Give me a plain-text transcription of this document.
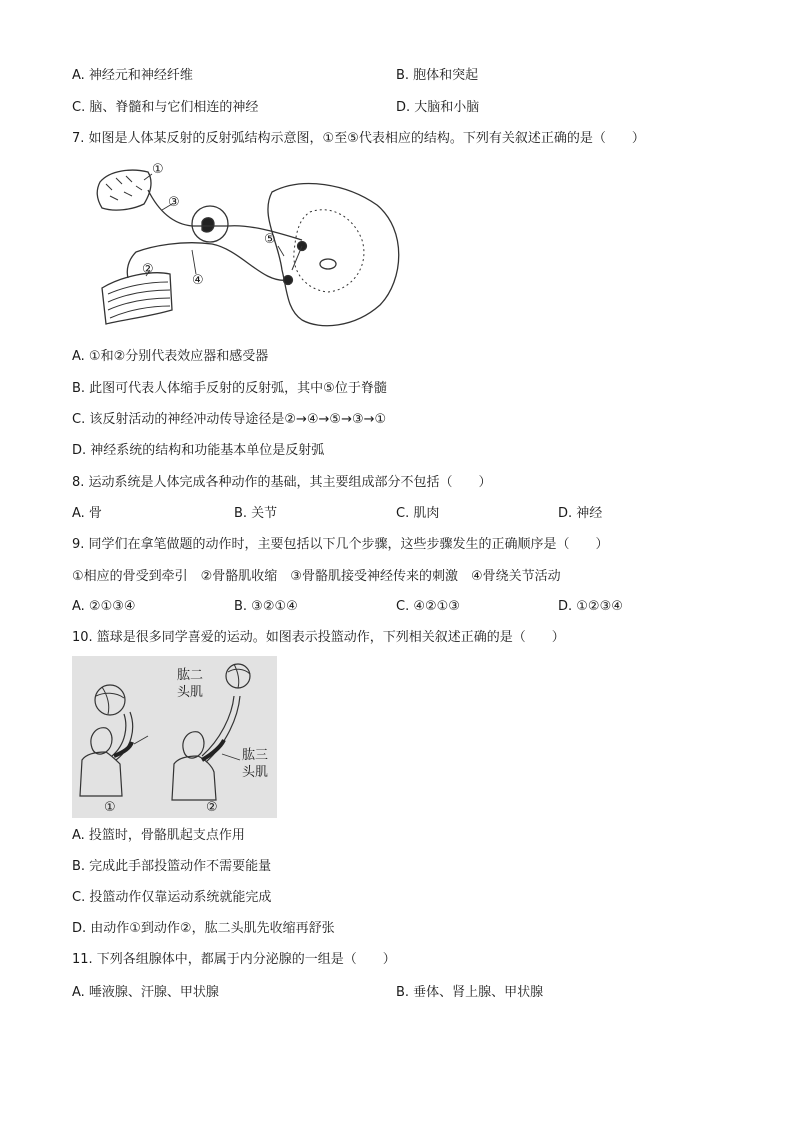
A. 神经元和神经纤维	B. 胞体和突起
C. 脑、脊髓和与它们相连的神经	D. 大脑和小脑
7. 如图是人体某反射的反射弧结构示意图，①至⑤代表相应的结构。下列有关叙述正确的是（　　）
①
③
②
④
⑤
A. ①和②分别代表效应器和感受器
B. 此图可代表人体缩手反射的反射弧，其中⑤位于脊髓
C. 该反射活动的神经冲动传导途径是②→④→⑤→③→①
D. 神经系统的结构和功能基本单位是反射弧
8. 运动系统是人体完成各种动作的基础，其主要组成部分不包括（　　）
A. 骨	B. 关节	C. 肌肉	D. 神经
9. 同学们在拿笔做题的动作时，主要包括以下几个步骤，这些步骤发生的正确顺序是（　　）
①相应的骨受到牵引　②骨骼肌收缩　③骨骼肌接受神经传来的刺激　④骨绕关节活动
A. ②①③④	B. ③②①④	C. ④②①③	D. ①②③④
10. 篮球是很多同学喜爱的运动。如图表示投篮动作，下列相关叙述正确的是（　　）
肱二
头肌
肱三
头肌
①	②
A. 投篮时，骨骼肌起支点作用
B. 完成此手部投篮动作不需要能量
C. 投篮动作仅靠运动系统就能完成
D. 由动作①到动作②，肱二头肌先收缩再舒张
11. 下列各组腺体中，都属于内分泌腺的一组是（　　）
A. 唾液腺、汗腺、甲状腺	B. 垂体、肾上腺、甲状腺
